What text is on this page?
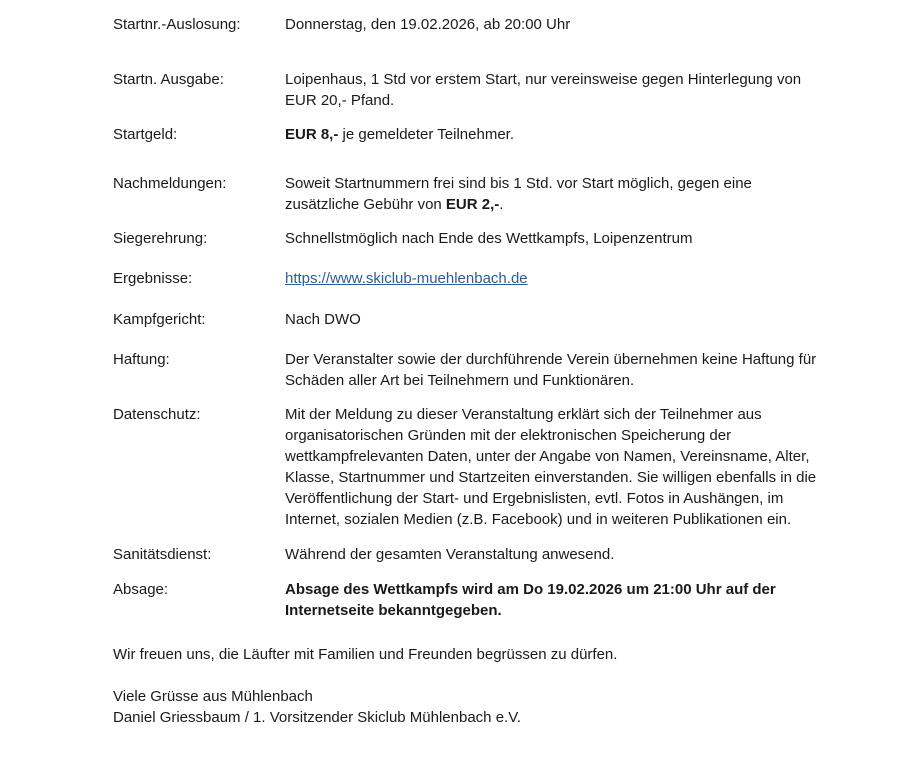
Startnr.-Auslosung:	Donnerstag, den 19.02.2026, ab 20:00 Uhr
Startn. Ausgabe:	Loipenhaus, 1 Std vor erstem Start, nur vereinsweise gegen Hinterlegung von EUR 20,- Pfand.
Startgeld:	EUR 8,- je gemeldeter Teilnehmer.
Nachmeldungen:	Soweit Startnummern frei sind bis 1 Std. vor Start möglich, gegen eine zusätzliche Gebühr von EUR 2,-.
Siegerehrung:	Schnellstmöglich nach Ende des Wettkampfs, Loipenzentrum
Ergebnisse:	https://www.skiclub-muehlenbach.de
Kampfgericht:	Nach DWO
Haftung:	Der Veranstalter sowie der durchführende Verein übernehmen keine Haftung für Schäden aller Art bei Teilnehmern und Funktionären.
Datenschutz:	Mit der Meldung zu dieser Veranstaltung erklärt sich der Teilnehmer aus organisatorischen Gründen mit der elektronischen Speicherung der wettkampfrelevanten Daten, unter der Angabe von Namen, Vereinsname, Alter, Klasse, Startnummer und Startzeiten einverstanden. Sie willigen ebenfalls in die Veröffentlichung der Start- und Ergebnislisten, evtl. Fotos in Aushängen, im Internet, sozialen Medien (z.B. Facebook) und in weiteren Publikationen ein.
Sanitätsdienst:	Während der gesamten Veranstaltung anwesend.
Absage:	Absage des Wettkampfs wird am Do 19.02.2026 um 21:00 Uhr auf der Internetseite bekanntgegeben.

Wir freuen uns, die Läufter mit Familien und Freunden begrüssen zu dürfen.

Viele Grüsse aus Mühlenbach

Daniel Griessbaum / 1. Vorsitzender Skiclub Mühlenbach e.V.
